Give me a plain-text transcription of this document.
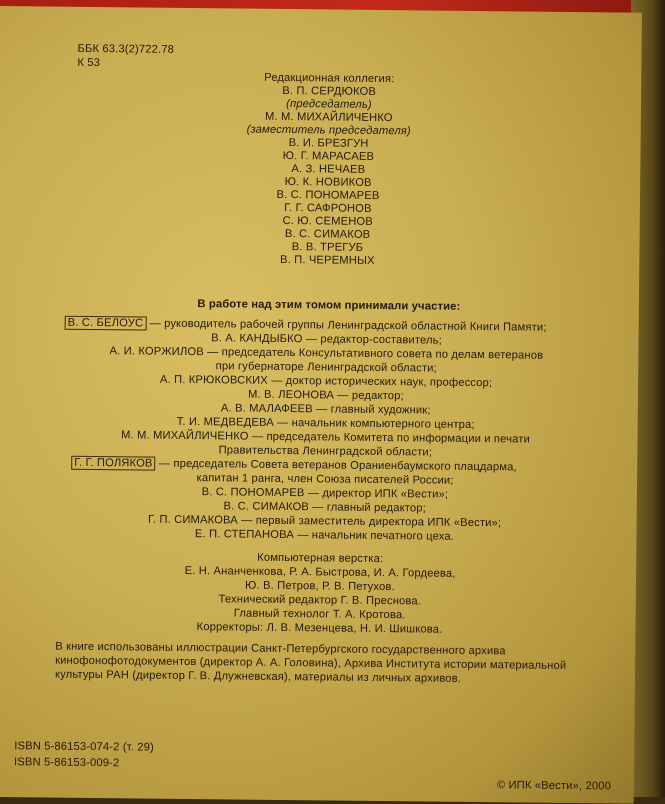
ББК 63.3(2)722.78
К 53
Редакционная коллегия:
В. П. СЕРДЮКОВ
(председатель)
М. М. МИХАЙЛИЧЕНКО
(заместитель председателя)
В. И. БРЕЗГУН
Ю. Г. МАРАСАЕВ
А. З. НЕЧАЕВ
Ю. К. НОВИКОВ
В. С. ПОНОМАРЕВ
Г. Г. САФРОНОВ
С. Ю. СЕМЕНОВ
В. С. СИМАКОВ
В. В. ТРЕГУБ
В. П. ЧЕРЕМНЫХ
В работе над этим томом принимали участие:
В. С. БЕЛОУС — руководитель рабочей группы Ленинградской областной Книги Памяти;
В. А. КАНДЫБКО — редактор-составитель;
А. И. КОРЖИЛОВ — председатель Консультативного совета по делам ветеранов
при губернаторе Ленинградской области;
А. П. КРЮКОВСКИХ — доктор исторических наук, профессор;
М. В. ЛЕОНОВА — редактор;
А. В. МАЛАФЕЕВ — главный художник;
Т. И. МЕДВЕДЕВА — начальник компьютерного центра;
М. М. МИХАЙЛИЧЕНКО — председатель Комитета по информации и печати
Правительства Ленинградской области;
Г. Г. ПОЛЯКОВ — председатель Совета ветеранов Ораниенбаумского плацдарма,
капитан 1 ранга, член Союза писателей России;
В. С. ПОНОМАРЕВ — директор ИПК «Вести»;
В. С. СИМАКОВ — главный редактор;
Г. П. СИМАКОВА — первый заместитель директора ИПК «Вести»;
Е. П. СТЕПАНОВА — начальник печатного цеха.
Компьютерная верстка:
Е. Н. Ананченкова, Р. А. Быстрова, И. А. Гордеева,
Ю. В. Петров, Р. В. Петухов.
Технический редактор Г. В. Преснова.
Главный технолог Т. А. Кротова.
Корректоры: Л. В. Мезенцева, Н. И. Шишкова.
В книге использованы иллюстрации Санкт-Петербургского государственного архива
кинофонофотодокументов (директор А. А. Головина), Архива Института истории материальной
культуры РАН (директор Г. В. Длужневская), материалы из личных архивов.
ISBN 5-86153-074-2 (т. 29)
ISBN 5-86153-009-2
© ИПК «Вести», 2000
